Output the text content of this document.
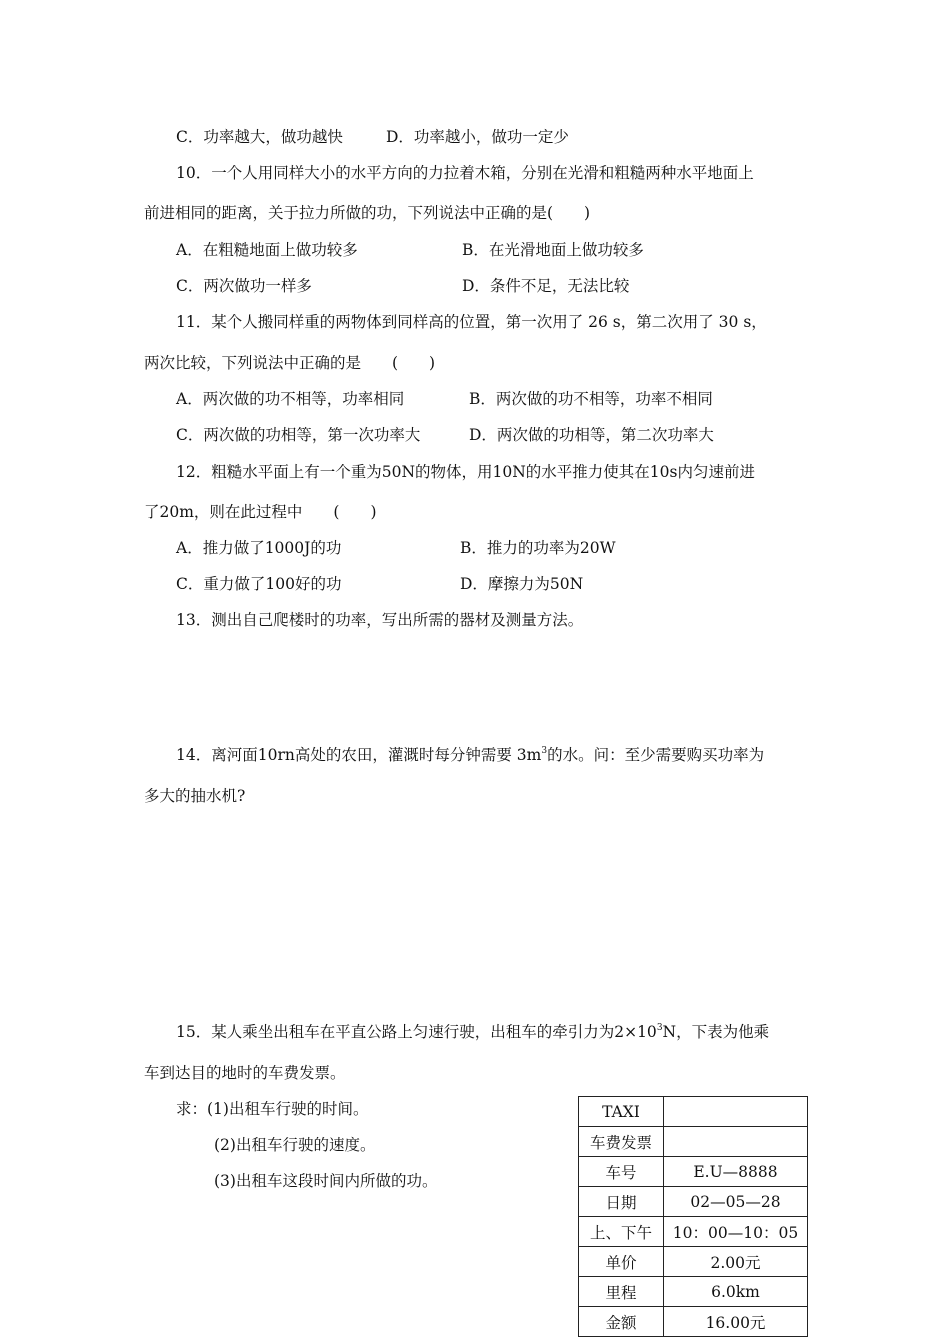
C．功率越大，做功越快	D．功率越小，做功一定少
10．一个人用同样大小的水平方向的力拉着木箱，分别在光滑和粗糙两种水平地面上
前进相同的距离，关于拉力所做的功，下列说法中正确的是(　　)
A．在粗糙地面上做功较多	B．在光滑地面上做功较多
C．两次做功一样多	D．条件不足，无法比较
11．某个人搬同样重的两物体到同样高的位置，第一次用了 26 s，第二次用了 30 s，
两次比较，下列说法中正确的是　　(　　)
A．两次做的功不相等，功率相同	B．两次做的功不相等，功率不相同
C．两次做的功相等，第一次功率大	D．两次做的功相等，第二次功率大
12．粗糙水平面上有一个重为50N的物体，用10N的水平推力使其在10s内匀速前进
了20m，则在此过程中　　(　　)
A．推力做了1000J的功	B．推力的功率为20W
C．重力做了100好的功	D．摩擦力为50N
13．测出自己爬楼时的功率，写出所需的器材及测量方法。
14．离河面10rn高处的农田，灌溉时每分钟需要 $3m^3$的水。问：至少需要购买功率为
多大的抽水机?
15．某人乘坐出租车在平直公路上匀速行驶，出租车的牵引力为$2\times 10^3N$，下表为他乘
车到达目的地时的车费发票。
求：(1)出租车行驶的时间。
(2)出租车行驶的速度。
(3)出租车这段时间内所做的功。
TAXI	
车费发票	
车号	E.U—8888
日期	02—05—28
上、下午	10：00—10：05
单价	2.00元
里程	6.0km
金额	16.00元
